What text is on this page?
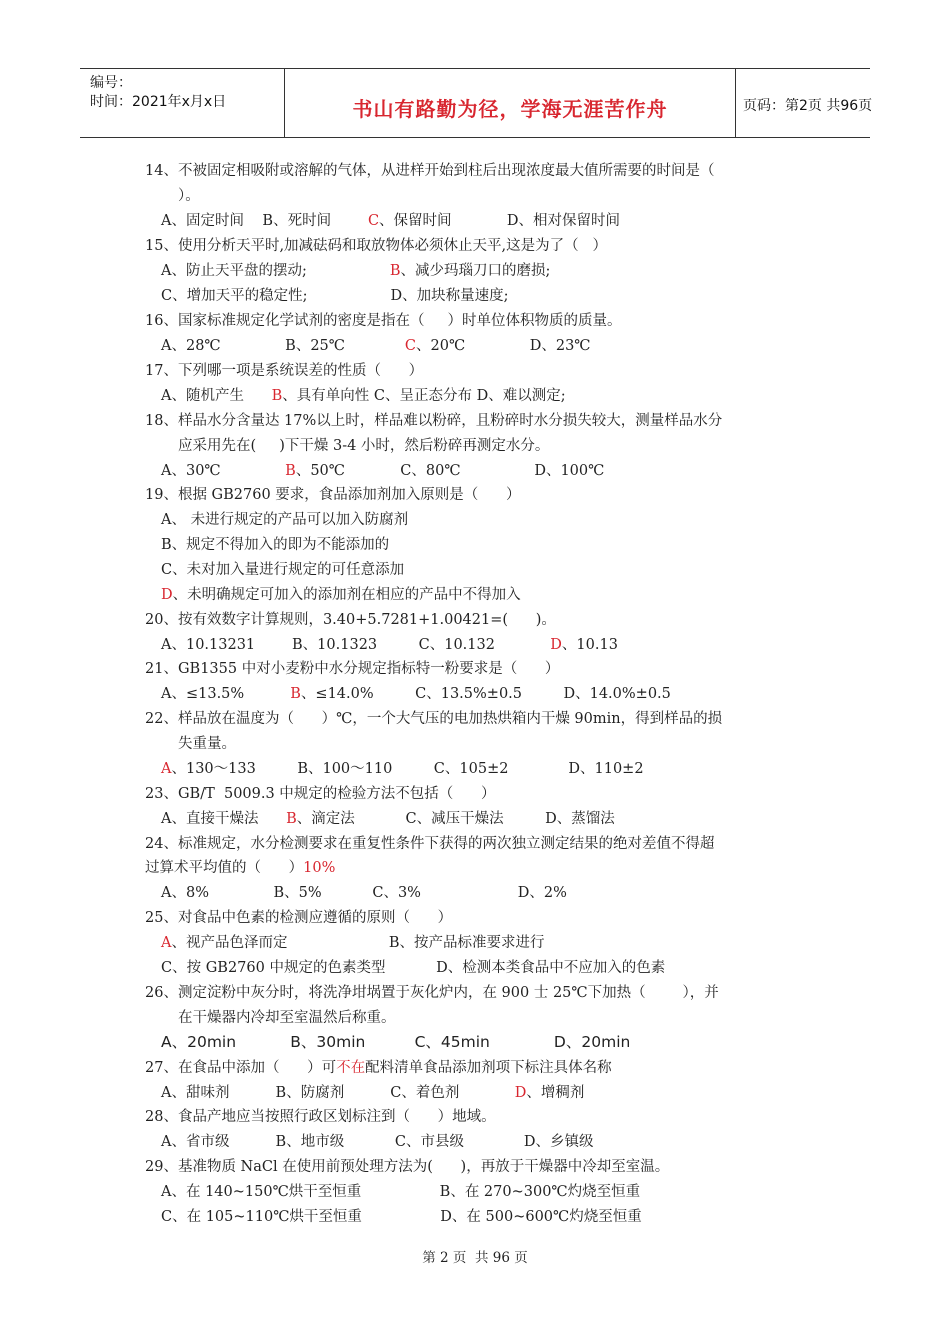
编号：
时间：2021年x月x日	书山有路勤为径，学海无涯苦作舟	页码：第2页 共96页
14、不被固定相吸附或溶解的气体，从进样开始到柱后出现浓度最大值所需要的时间是（
）。
A、固定时间    B、死时间        C、保留时间            D、相对保留时间
15、使用分析天平时,加减砝码和取放物体必须休止天平,这是为了（   ）
A、防止天平盘的摆动;                  B、减少玛瑙刀口的磨损;
C、增加天平的稳定性;                  D、加块称量速度;
16、国家标准规定化学试剂的密度是指在（     ）时单位体积物质的质量。
A、28℃              B、25℃             C、20℃              D、23℃
17、下列哪一项是系统误差的性质（      ）
A、随机产生      B、具有单向性 C、呈正态分布 D、难以测定;
18、样品水分含量达 17%以上时，样品难以粉碎，且粉碎时水分损失较大，测量样品水分
应采用先在(     )下干燥 3-4 小时，然后粉碎再测定水分。
A、30℃              B、50℃            C、80℃                D、100℃
19、根据 GB2760 要求，食品添加剂加入原则是（      ）
A、 未进行规定的产品可以加入防腐剂
B、规定不得加入的即为不能添加的
C、未对加入量进行规定的可任意添加
D、未明确规定可加入的添加剂在相应的产品中不得加入
20、按有效数字计算规则，3.40+5.7281+1.00421=(      )。
A、10.13231        B、10.1323         C、10.132            D、10.13
21、GB1355 中对小麦粉中水分规定指标特一粉要求是（      ）
A、≤13.5%          B、≤14.0%         C、13.5%±0.5         D、14.0%±0.5
22、样品放在温度为（      ）℃，一个大气压的电加热烘箱内干燥 90min，得到样品的损
失重量。
A、130～133         B、100～110         C、105±2             D、110±2
23、GB/T  5009.3 中规定的检验方法不包括（      ）
A、直接干燥法      B、滴定法           C、减压干燥法         D、蒸馏法
24、标准规定，水分检测要求在重复性条件下获得的两次独立测定结果的绝对差值不得超
过算术平均值的（      ）10%
A、8%              B、5%           C、3%                     D、2%
25、对食品中色素的检测应遵循的原则（      ）
A、视产品色泽而定                      B、按产品标准要求进行
C、按 GB2760 中规定的色素类型           D、检测本类食品中不应加入的色素
26、测定淀粉中灰分时，将洗净坩埚置于灰化炉内，在 900 士 25℃下加热（        ），并
在干燥器内冷却至室温然后称重。
A、20min           B、30min          C、45min             D、20min
27、在食品中添加（      ）可不在配料清单食品添加剂项下标注具体名称
A、甜味剂          B、防腐剂          C、着色剂            D、增稠剂
28、食品产地应当按照行政区划标注到（      ）地域。
A、省市级          B、地市级           C、市县级             D、乡镇级
29、基准物质 NaCl 在使用前预处理方法为(      )，再放于干燥器中冷却至室温。
A、在 140~150℃烘干至恒重                 B、在 270~300℃灼烧至恒重
C、在 105~110℃烘干至恒重                 D、在 500~600℃灼烧至恒重
第 2 页  共 96 页
